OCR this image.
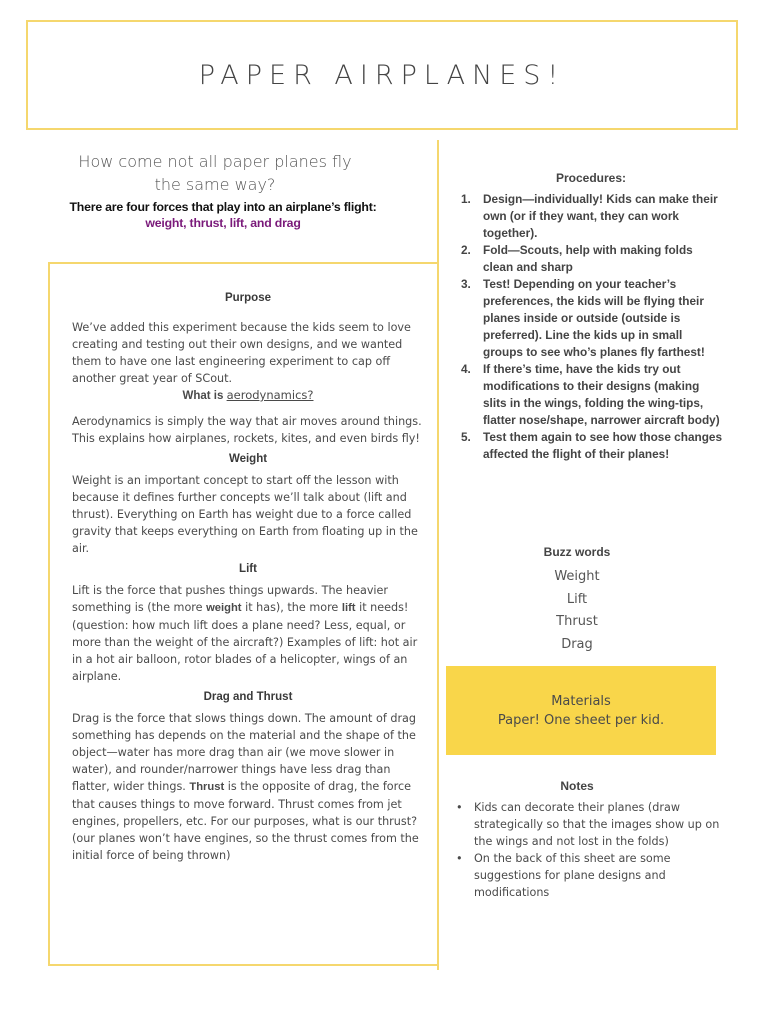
PAPER AIRPLANES!
How come not all paper planes fly the same way?
There are four forces that play into an airplane’s flight:
weight, thrust, lift, and drag

Purpose

We’ve added this experiment because the kids seem to love creating and testing out their own designs, and we wanted them to have one last engineering experiment to cap off another great year of SCout.

What is aerodynamics?

Aerodynamics is simply the way that air moves around things. This explains how airplanes, rockets, kites, and even birds fly!

Weight

Weight is an important concept to start off the lesson with because it defines further concepts we’ll talk about (lift and thrust). Everything on Earth has weight due to a force called gravity that keeps everything on Earth from floating up in the air.

Lift

Lift is the force that pushes things upwards. The heavier something is (the more weight it has), the more lift it needs! (question: how much lift does a plane need? Less, equal, or more than the weight of the aircraft?) Examples of lift: hot air in a hot air balloon, rotor blades of a helicopter, wings of an airplane.

Drag and Thrust

Drag is the force that slows things down. The amount of drag something has depends on the material and the shape of the object—water has more drag than air (we move slower in water), and rounder/narrower things have less drag than flatter, wider things. Thrust is the opposite of drag, the force that causes things to move forward. Thrust comes from jet engines, propellers, etc. For our purposes, what is our thrust? (our planes won’t have engines, so the thrust comes from the initial force of being thrown)

Procedures:
1.	Design—individually! Kids can make their own (or if they want, they can work together).
2.	Fold—Scouts, help with making folds clean and sharp
3.	Test! Depending on your teacher’s preferences, the kids will be flying their planes inside or outside (outside is preferred). Line the kids up in small groups to see who’s planes fly farthest!
4.	If there’s time, have the kids try out modifications to their designs (making slits in the wings, folding the wing-tips, flatter nose/shape, narrower aircraft body)
5.	Test them again to see how those changes affected the flight of their planes!
Buzz words
Weight
Lift
Thrust
Drag
Materials
Paper! One sheet per kid.
Notes
•	Kids can decorate their planes (draw strategically so that the images show up on the wings and not lost in the folds)
•	On the back of this sheet are some suggestions for plane designs and modifications
